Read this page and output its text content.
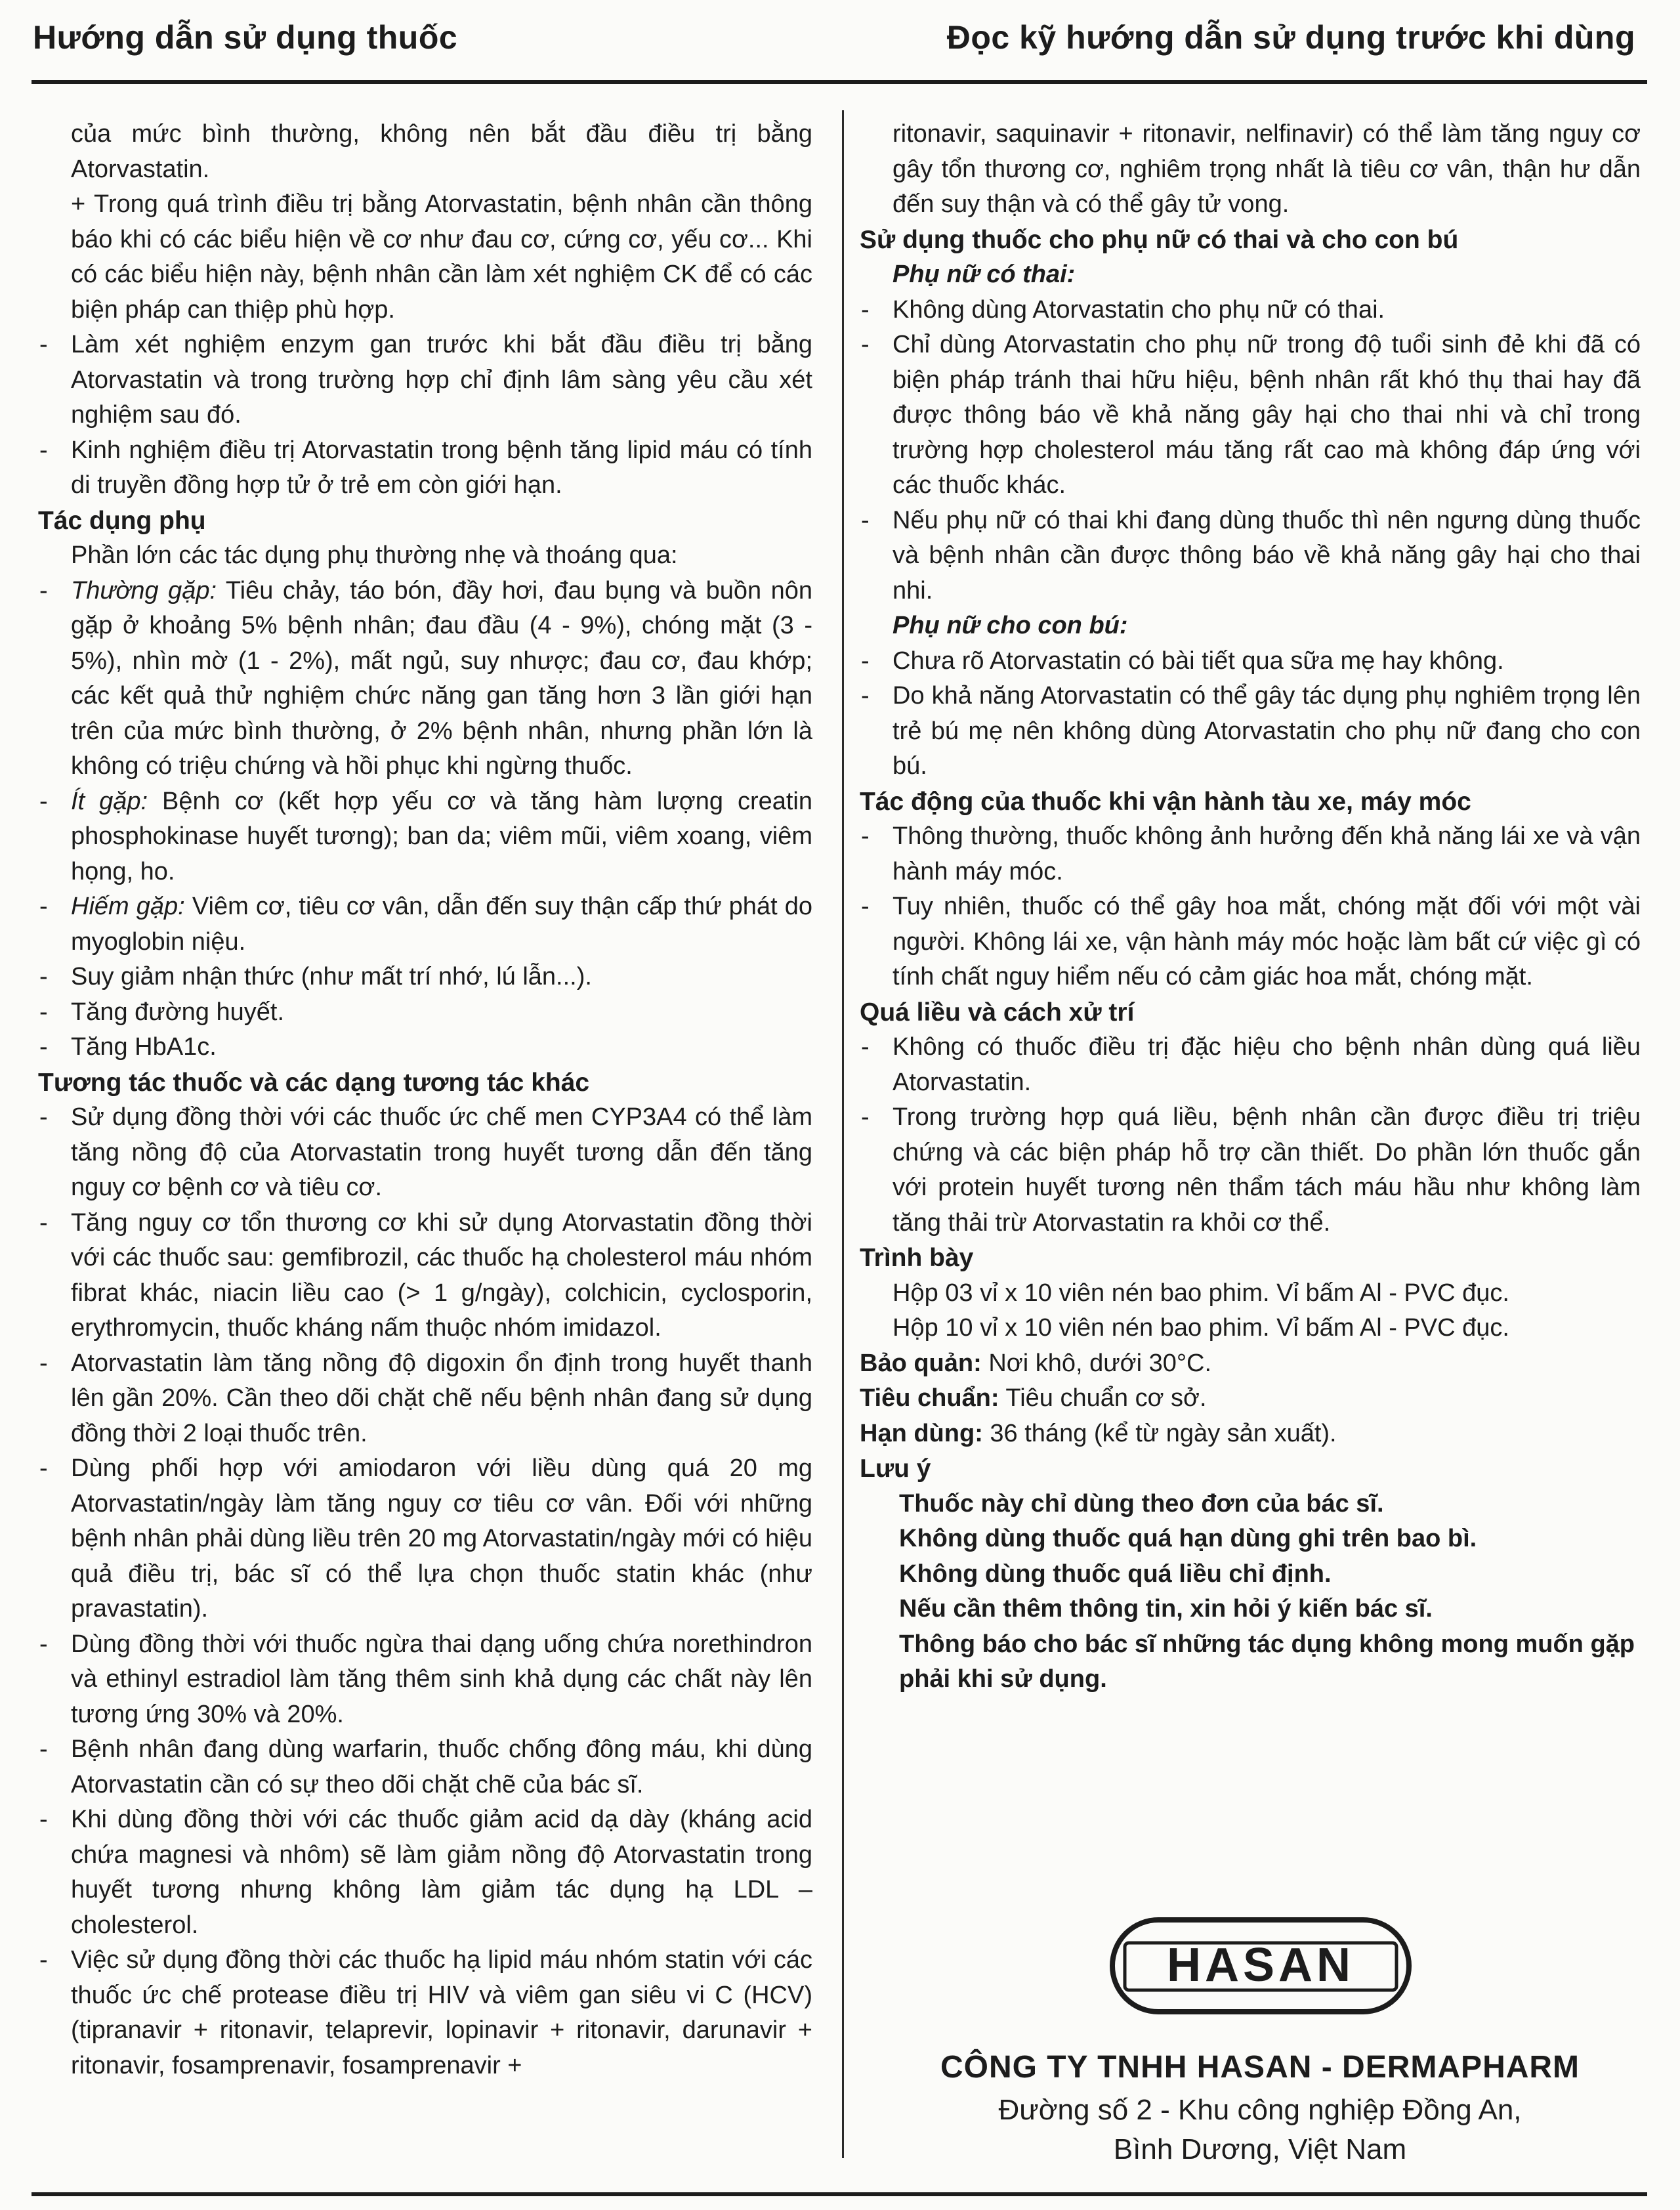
Hướng dẫn sử dụng thuốc	Đọc kỹ hướng dẫn sử dụng trước khi dùng
của mức bình thường, không nên bắt đầu điều trị bằng Atorvastatin.
+ Trong quá trình điều trị bằng Atorvastatin, bệnh nhân cần thông báo khi có các biểu hiện về cơ như đau cơ, cứng cơ, yếu cơ... Khi có các biểu hiện này, bệnh nhân cần làm xét nghiệm CK để có các biện pháp can thiệp phù hợp.
- Làm xét nghiệm enzym gan trước khi bắt đầu điều trị bằng Atorvastatin và trong trường hợp chỉ định lâm sàng yêu cầu xét nghiệm sau đó.
- Kinh nghiệm điều trị Atorvastatin trong bệnh tăng lipid máu có tính di truyền đồng hợp tử ở trẻ em còn giới hạn.
Tác dụng phụ
Phần lớn các tác dụng phụ thường nhẹ và thoáng qua:
- Thường gặp: Tiêu chảy, táo bón, đầy hơi, đau bụng và buồn nôn gặp ở khoảng 5% bệnh nhân; đau đầu (4 - 9%), chóng mặt (3 - 5%), nhìn mờ (1 - 2%), mất ngủ, suy nhược; đau cơ, đau khớp; các kết quả thử nghiệm chức năng gan tăng hơn 3 lần giới hạn trên của mức bình thường, ở 2% bệnh nhân, nhưng phần lớn là không có triệu chứng và hồi phục khi ngừng thuốc.
- Ít gặp: Bệnh cơ (kết hợp yếu cơ và tăng hàm lượng creatin phosphokinase huyết tương); ban da; viêm mũi, viêm xoang, viêm họng, ho.
- Hiếm gặp: Viêm cơ, tiêu cơ vân, dẫn đến suy thận cấp thứ phát do myoglobin niệu.
- Suy giảm nhận thức (như mất trí nhớ, lú lẫn...).
- Tăng đường huyết.
- Tăng HbA1c.
Tương tác thuốc và các dạng tương tác khác
- Sử dụng đồng thời với các thuốc ức chế men CYP3A4 có thể làm tăng nồng độ của Atorvastatin trong huyết tương dẫn đến tăng nguy cơ bệnh cơ và tiêu cơ.
- Tăng nguy cơ tổn thương cơ khi sử dụng Atorvastatin đồng thời với các thuốc sau: gemfibrozil, các thuốc hạ cholesterol máu nhóm fibrat khác, niacin liều cao (> 1 g/ngày), colchicin, cyclosporin, erythromycin, thuốc kháng nấm thuộc nhóm imidazol.
- Atorvastatin làm tăng nồng độ digoxin ổn định trong huyết thanh lên gần 20%. Cần theo dõi chặt chẽ nếu bệnh nhân đang sử dụng đồng thời 2 loại thuốc trên.
- Dùng phối hợp với amiodaron với liều dùng quá 20 mg Atorvastatin/ngày làm tăng nguy cơ tiêu cơ vân. Đối với những bệnh nhân phải dùng liều trên 20 mg Atorvastatin/ngày mới có hiệu quả điều trị, bác sĩ có thể lựa chọn thuốc statin khác (như pravastatin).
- Dùng đồng thời với thuốc ngừa thai dạng uống chứa norethindron và ethinyl estradiol làm tăng thêm sinh khả dụng các chất này lên tương ứng 30% và 20%.
- Bệnh nhân đang dùng warfarin, thuốc chống đông máu, khi dùng Atorvastatin cần có sự theo dõi chặt chẽ của bác sĩ.
- Khi dùng đồng thời với các thuốc giảm acid dạ dày (kháng acid chứa magnesi và nhôm) sẽ làm giảm nồng độ Atorvastatin trong huyết tương nhưng không làm giảm tác dụng hạ LDL – cholesterol.
- Việc sử dụng đồng thời các thuốc hạ lipid máu nhóm statin với các thuốc ức chế protease điều trị HIV và viêm gan siêu vi C (HCV) (tipranavir + ritonavir, telaprevir, lopinavir + ritonavir, darunavir + ritonavir, fosamprenavir, fosamprenavir +
ritonavir, saquinavir + ritonavir, nelfinavir) có thể làm tăng nguy cơ gây tổn thương cơ, nghiêm trọng nhất là tiêu cơ vân, thận hư dẫn đến suy thận và có thể gây tử vong.
Sử dụng thuốc cho phụ nữ có thai và cho con bú
Phụ nữ có thai:
- Không dùng Atorvastatin cho phụ nữ có thai.
- Chỉ dùng Atorvastatin cho phụ nữ trong độ tuổi sinh đẻ khi đã có biện pháp tránh thai hữu hiệu, bệnh nhân rất khó thụ thai hay đã được thông báo về khả năng gây hại cho thai nhi và chỉ trong trường hợp cholesterol máu tăng rất cao mà không đáp ứng với các thuốc khác.
- Nếu phụ nữ có thai khi đang dùng thuốc thì nên ngưng dùng thuốc và bệnh nhân cần được thông báo về khả năng gây hại cho thai nhi.
Phụ nữ cho con bú:
- Chưa rõ Atorvastatin có bài tiết qua sữa mẹ hay không.
- Do khả năng Atorvastatin có thể gây tác dụng phụ nghiêm trọng lên trẻ bú mẹ nên không dùng Atorvastatin cho phụ nữ đang cho con bú.
Tác động của thuốc khi vận hành tàu xe, máy móc
- Thông thường, thuốc không ảnh hưởng đến khả năng lái xe và vận hành máy móc.
- Tuy nhiên, thuốc có thể gây hoa mắt, chóng mặt đối với một vài người. Không lái xe, vận hành máy móc hoặc làm bất cứ việc gì có tính chất nguy hiểm nếu có cảm giác hoa mắt, chóng mặt.
Quá liều và cách xử trí
- Không có thuốc điều trị đặc hiệu cho bệnh nhân dùng quá liều Atorvastatin.
- Trong trường hợp quá liều, bệnh nhân cần được điều trị triệu chứng và các biện pháp hỗ trợ cần thiết. Do phần lớn thuốc gắn với protein huyết tương nên thẩm tách máu hầu như không làm tăng thải trừ Atorvastatin ra khỏi cơ thể.
Trình bày
Hộp 03 vỉ x 10 viên nén bao phim. Vỉ bấm Al - PVC đục.
Hộp 10 vỉ x 10 viên nén bao phim. Vỉ bấm Al - PVC đục.
Bảo quản: Nơi khô, dưới 30°C.
Tiêu chuẩn: Tiêu chuẩn cơ sở.
Hạn dùng: 36 tháng (kể từ ngày sản xuất).
Lưu ý
Thuốc này chỉ dùng theo đơn của bác sĩ.
Không dùng thuốc quá hạn dùng ghi trên bao bì.
Không dùng thuốc quá liều chỉ định.
Nếu cần thêm thông tin, xin hỏi ý kiến bác sĩ.
Thông báo cho bác sĩ những tác dụng không mong muốn gặp phải khi sử dụng.
HASAN
CÔNG TY TNHH HASAN - DERMAPHARM
Đường số 2 - Khu công nghiệp Đồng An,
Bình Dương, Việt Nam
